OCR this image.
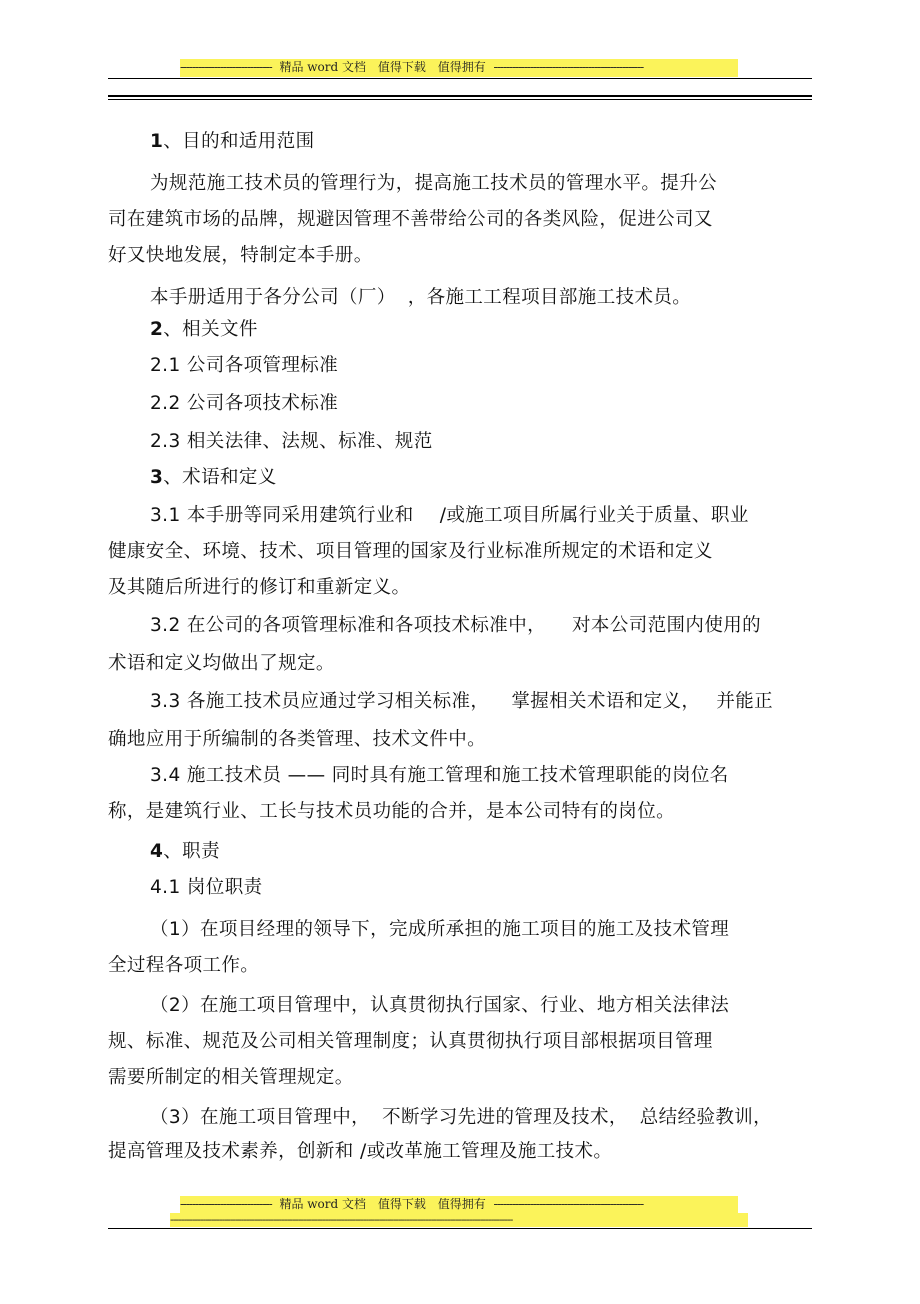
------------------------------ 精品 word 文档 值得下载 值得拥有 -------------------------------------------------
1、目的和适用范围
为规范施工技术员的管理行为，提高施工技术员的管理水平。提升公
司在建筑市场的品牌，规避因管理不善带给公司的各类风险，促进公司又
好又快地发展，特制定本手册。
本手册适用于各分公司（厂） ，各施工工程项目部施工技术员。
2、相关文件
2.1 公司各项管理标准
2.2 公司各项技术标准
2.3 相关法律、法规、标准、规范
3、术语和定义
3.1 本手册等同采用建筑行业和 /或施工项目所属行业关于质量、职业
健康安全、环境、技术、项目管理的国家及行业标准所规定的术语和定义
及其随后所进行的修订和重新定义。
3.2 在公司的各项管理标准和各项技术标准中， 对本公司范围内使用的
术语和定义均做出了规定。
3.3 各施工技术员应通过学习相关标准， 掌握相关术语和定义， 并能正
确地应用于所编制的各类管理、技术文件中。
3.4 施工技术员 —— 同时具有施工管理和施工技术管理职能的岗位名
称，是建筑行业、工长与技术员功能的合并，是本公司特有的岗位。
4、职责
4.1 岗位职责
（1）在项目经理的领导下，完成所承担的施工项目的施工及技术管理
全过程各项工作。
（2）在施工项目管理中，认真贯彻执行国家、行业、地方相关法律法
规、标准、规范及公司相关管理制度；认真贯彻执行项目部根据项目管理
需要所制定的相关管理规定。
（3）在施工项目管理中， 不断学习先进的管理及技术， 总结经验教训，
提高管理及技术素养，创新和 /或改革施工管理及施工技术。
------------------------------ 精品 word 文档 值得下载 值得拥有 -------------------------------------------------
------------------------------------------------------------------------------------------------------------------------------
